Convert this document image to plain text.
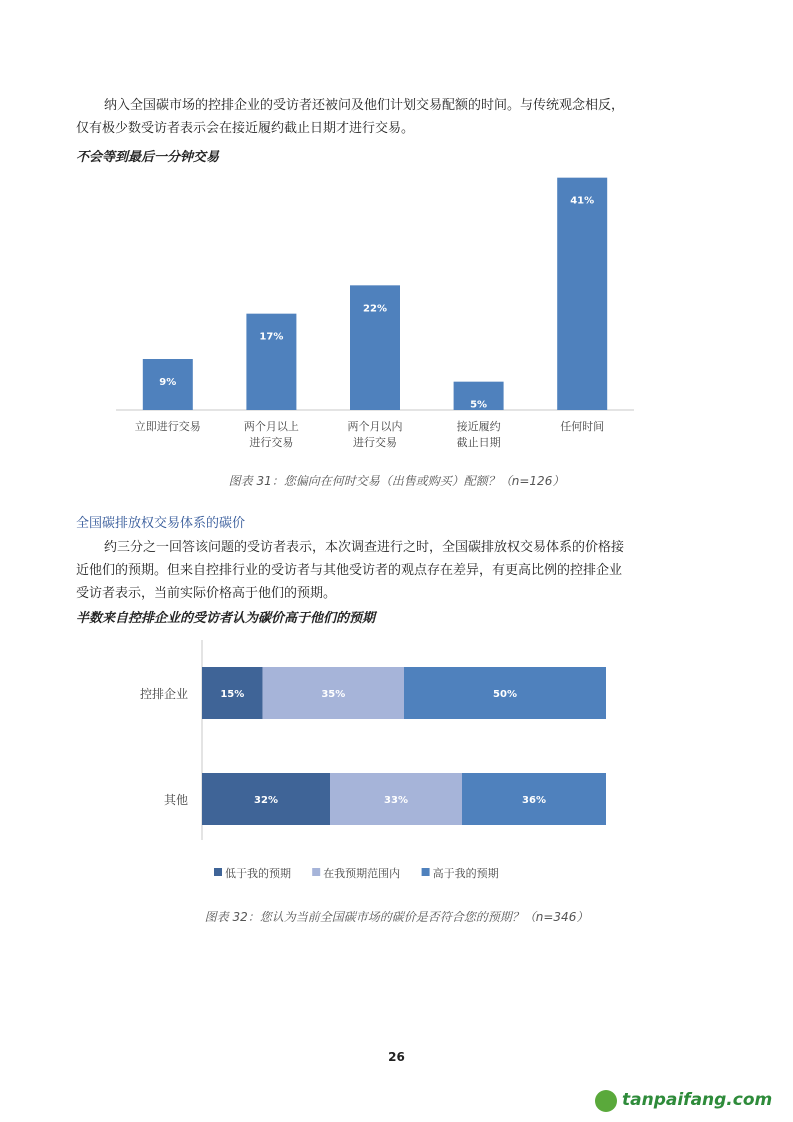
纳入全国碳市场的控排企业的受访者还被问及他们计划交易配额的时间。与传统观念相反，

仅有极少数受访者表示会在接近履约截止日期才进行交易。

不会等到最后一分钟交易
9%
立即进行交易
17%
两个月以上
进行交易
22%
两个月以内
进行交易
5%
接近履约
截止日期
41%
任何时间
图表 31：您偏向在何时交易（出售或购买）配额？（n=126）
全国碳排放权交易体系的碳价

约三分之一回答该问题的受访者表示，本次调查进行之时，全国碳排放权交易体系的价格接

近他们的预期。但来自控排行业的受访者与其他受访者的观点存在差异，有更高比例的控排企业

受访者表示，当前实际价格高于他们的预期。

半数来自控排企业的受访者认为碳价高于他们的预期
15%	35%	50%
控排企业
32%	33%	36%
其他
低于我的预期	在我预期范围内	高于我的预期
图表 32：您认为当前全国碳市场的碳价是否符合您的预期？（n=346）
26
tanpaifang.com
